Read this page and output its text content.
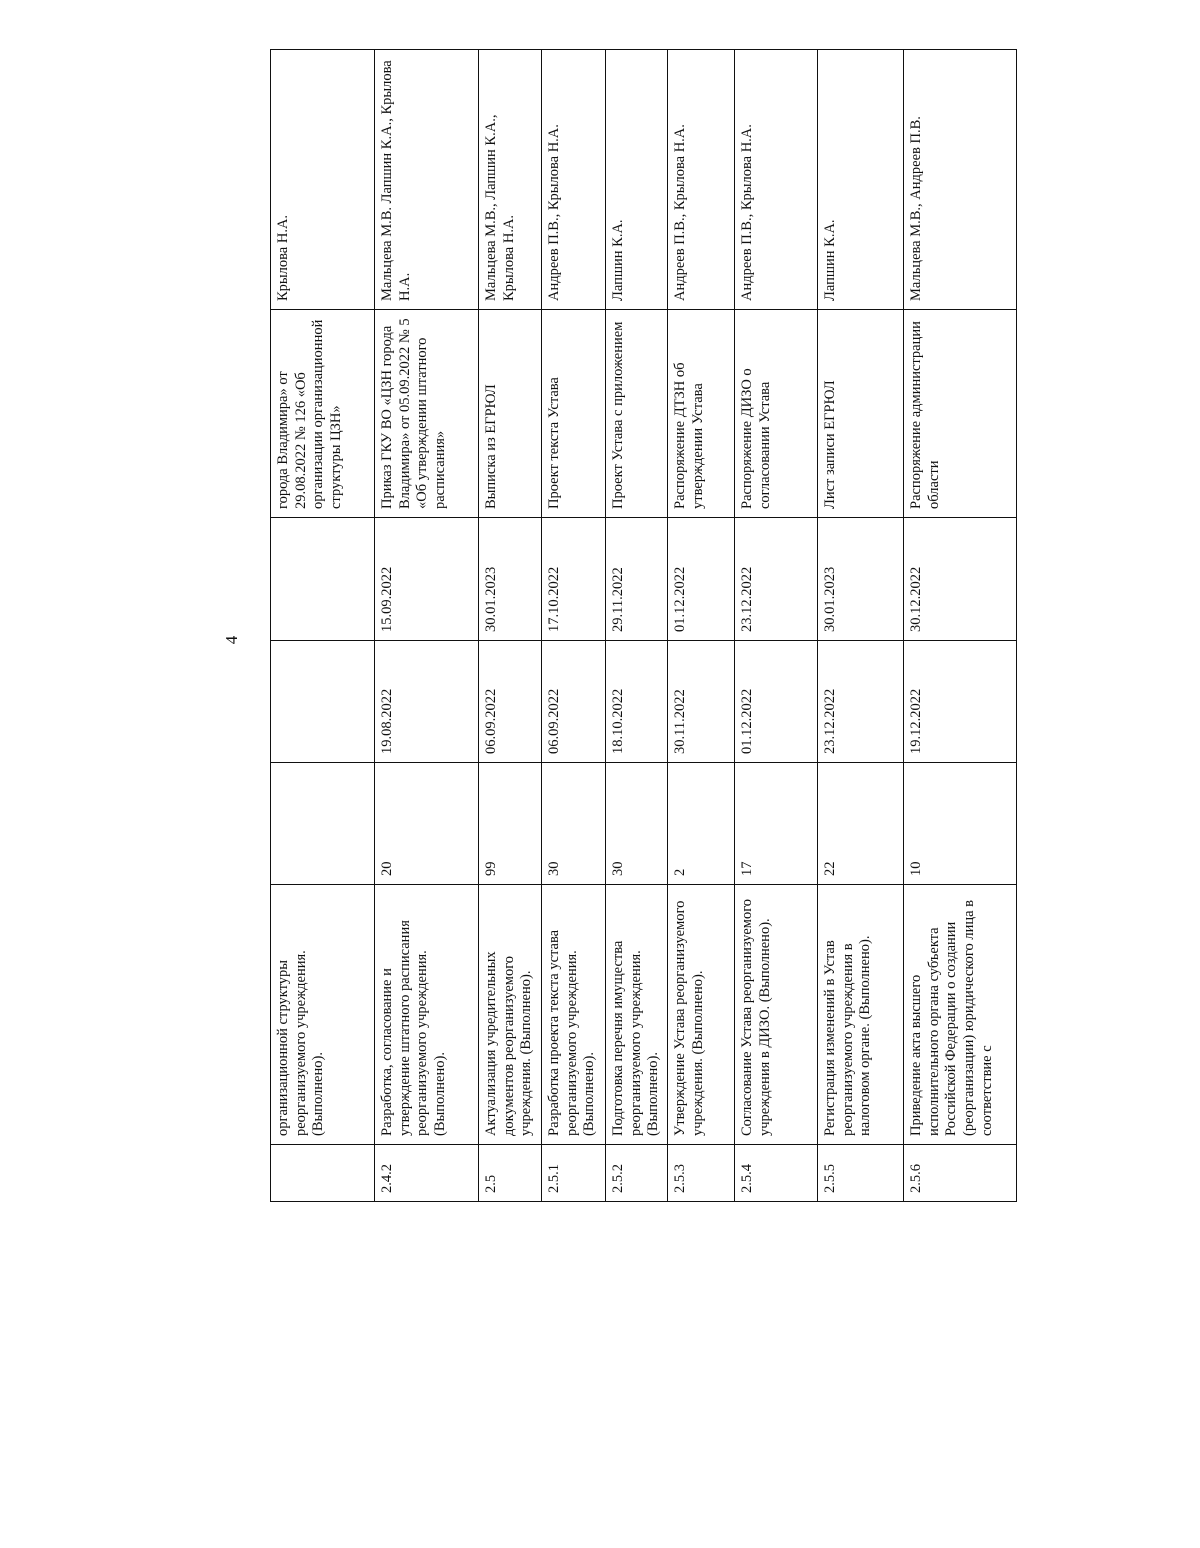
4
	организационной структуры реорганизуемого учреждения. (Выполнено).				города Владимира» от 29.08.2022 № 126 «Об организации организационной структуры ЦЗН»	Крылова Н.А.
2.4.2	Разработка, согласование и утверждение штатного расписания реорганизуемого учреждения. (Выполнено).	20	19.08.2022	15.09.2022	Приказ ГКУ ВО «ЦЗН города Владимира» от 05.09.2022 № 5 «Об утверждении штатного расписания»	Мальцева М.В. Лапшин К.А., Крылова Н.А.
2.5	Актуализация учредительных документов реорганизуемого учреждения. (Выполнено).	99	06.09.2022	30.01.2023	Выписка из ЕГРЮЛ	Мальцева М.В., Лапшин К.А., Крылова Н.А.
2.5.1	Разработка проекта текста устава реорганизуемого учреждения. (Выполнено).	30	06.09.2022	17.10.2022	Проект текста Устава	Андреев П.В., Крылова Н.А.
2.5.2	Подготовка перечня имущества реорганизуемого учреждения. (Выполнено).	30	18.10.2022	29.11.2022	Проект Устава с приложением	Лапшин К.А.
2.5.3	Утверждение Устава реорганизуемого учреждения. (Выполнено).	2	30.11.2022	01.12.2022	Распоряжение ДТЗН об утверждении Устава	Андреев П.В., Крылова Н.А.
2.5.4	Согласование Устава реорганизуемого учреждения в ДИЗО. (Выполнено).	17	01.12.2022	23.12.2022	Распоряжение ДИЗО о согласовании Устава	Андреев П.В., Крылова Н.А.
2.5.5	Регистрация изменений в Устав реорганизуемого учреждения в налоговом органе. (Выполнено).	22	23.12.2022	30.01.2023	Лист записи ЕГРЮЛ	Лапшин К.А.
2.5.6	Приведение акта высшего исполнительного органа субъекта Российской Федерации о создании (реорганизации) юридического лица в соответствие с	10	19.12.2022	30.12.2022	Распоряжение администрации области	Мальцева М.В., Андреев П.В.
